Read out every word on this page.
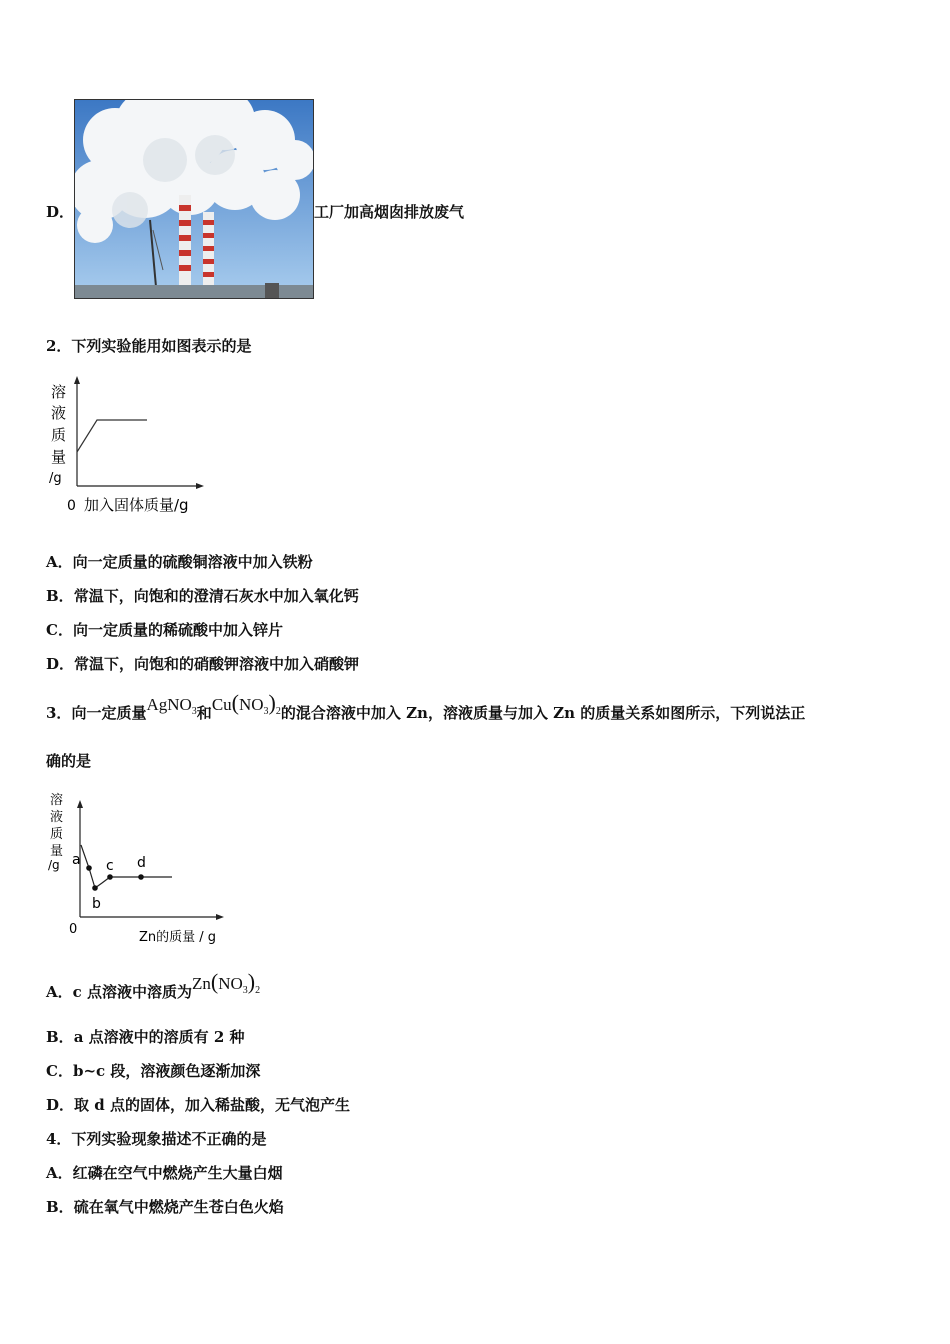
D．	工厂加高烟囱排放废气
2．下列实验能用如图表示的是
溶
液
质
量
/g
0 加入固体质量/g
A．向一定质量的硫酸铜溶液中加入铁粉
B．常温下，向饱和的澄清石灰水中加入氧化钙
C．向一定质量的稀硫酸中加入锌片
D．常温下，向饱和的硝酸钾溶液中加入硝酸钾
3．向一定质量AgNO$_3$和$Cu(NO_3)_2$的混合溶液中加入 Zn，溶液质量与加入 Zn 的质量关系如图所示，下列说法正
确的是
溶
液
质
量
/g a
b
c d
0
Zn的质量 / g
A．c 点溶液中溶质为$Zn(NO_3)_2$
B．a 点溶液中的溶质有 2 种
C．b~c 段，溶液颜色逐渐加深
D．取 d 点的固体，加入稀盐酸，无气泡产生
4．下列实验现象描述不正确的是
A．红磷在空气中燃烧产生大量白烟
B．硫在氧气中燃烧产生苍白色火焰
